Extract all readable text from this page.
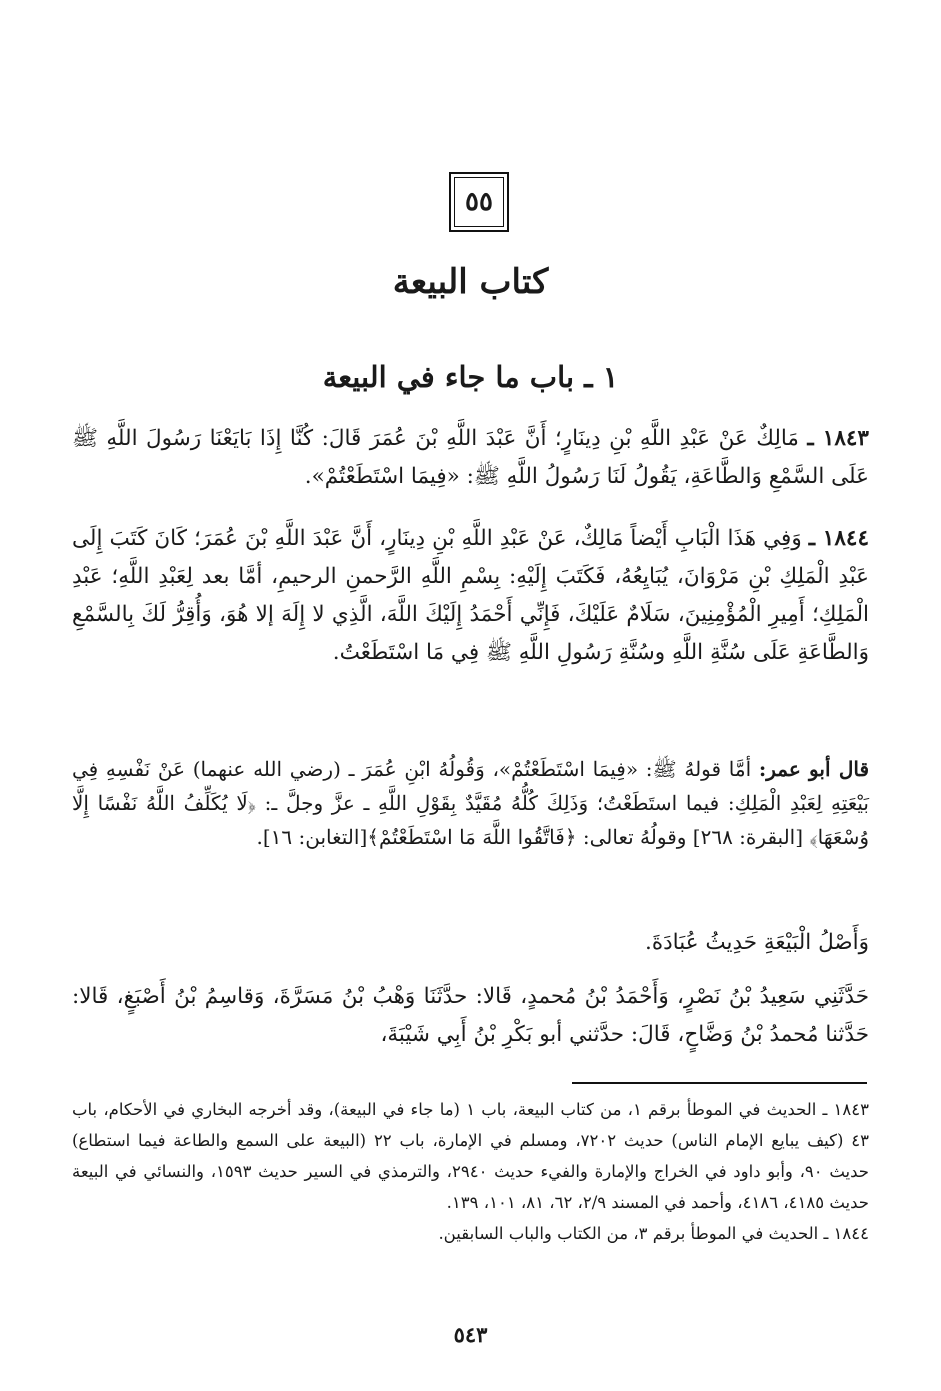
٥٥
كتاب البيعة
١ ـ باب ما جاء في البيعة

١٨٤٣ ـ مَالِكٌ عَنْ عَبْدِ اللَّهِ بْنِ دِينَارٍ؛ أَنَّ عَبْدَ اللَّهِ بْنَ عُمَرَ قَالَ: كُنَّا إِذَا بَايَعْنَا رَسُولَ اللَّهِ ﷺ عَلَى السَّمْعِ وَالطَّاعَةِ، يَقُولُ لَنَا رَسُولُ اللَّهِ ﷺ: «فِيمَا اسْتَطَعْتُمْ».

١٨٤٤ ـ وَفِي هَذَا الْبَابِ أَيْضاً مَالِكٌ، عَنْ عَبْدِ اللَّهِ بْنِ دِينَارٍ، أَنَّ عَبْدَ اللَّهِ بْنَ عُمَرَ؛ كَانَ كَتَبَ إِلَى عَبْدِ الْمَلِكِ بْنِ مَرْوَانَ، يُبَايِعُهُ، فَكَتَبَ إِلَيْهِ: بِسْمِ اللَّهِ الرَّحمنِ الرحيمِ، أمَّا بعد لِعَبْدِ اللَّهِ؛ عَبْدِ الْمَلِكِ؛ أَمِيرِ الْمُؤْمِنِينَ، سَلَامٌ عَلَيْكَ، فَإِنِّي أَحْمَدُ إِلَيْكَ اللَّهَ، الَّذِي لا إِلَهَ إلا هُوَ، وَأُقِرُّ لَكَ بِالسَّمْعِ وَالطَّاعَةِ عَلَى سُنَّةِ اللَّهِ وسُنَّةِ رَسُولِ اللَّهِ ﷺ فِي مَا اسْتَطَعْتُ.

قال أبو عمر: أمَّا قولهُ ﷺ: «فِيمَا اسْتَطَعْتُمْ»، وَقُولُهُ ابْنِ عُمَرَ ـ (رضي الله عنهما) عَنْ نَفْسِهِ فِي بَيْعَتِهِ لِعَبْدِ الْمَلِكِ: فيما استَطَعْتُ؛ وَذَلِكَ كُلُّهُ مُقَيَّدٌ بِقَوْلِ اللَّهِ ـ عزَّ وجلَّ ـ: ﴿لَا يُكَلِّفُ اللَّهُ نَفْسًا إِلَّا وُسْعَهَا﴾ [البقرة: ٢٦٨] وقولُهُ تعالى: ﴿فَاتَّقُوا اللَّهَ مَا اسْتَطَعْتُمْ﴾[التغابن: ١٦].

وَأَصْلُ الْبَيْعَةِ حَدِيثُ عُبَادَةَ.

حَدَّثَنِي سَعِيدُ بْنُ نَصْرٍ، وَأَحْمَدُ بْنُ مُحمدٍ، قَالا: حدَّثَنَا وَهْبُ بْنُ مَسَرَّةَ، وَقاسِمُ بْنُ أَصْبَغٍ، قَالا: حَدَّثنا مُحمدُ بْنُ وَضَّاحٍ، قَالَ: حدَّثني أبو بَكْرِ بْنُ أَبِي شَيْبَةَ،

١٨٤٣ ـ الحديث في الموطأ برقم ١، من كتاب البيعة، باب ١ (ما جاء في البيعة)، وقد أخرجه البخاري في الأحكام، باب ٤٣ (كيف يبايع الإمام الناس) حديث ٧٢٠٢، ومسلم في الإمارة، باب ٢٢ (البيعة على السمع والطاعة فيما استطاع) حديث ٩٠، وأبو داود في الخراج والإمارة والفيء حديث ٢٩٤٠، والترمذي في السير حديث ١٥٩٣، والنسائي في البيعة حديث ٤١٨٥، ٤١٨٦، وأحمد في المسند ٢/٩، ٦٢، ٨١، ١٠١، ١٣٩.

١٨٤٤ ـ الحديث في الموطأ برقم ٣، من الكتاب والباب السابقين.

٥٤٣
